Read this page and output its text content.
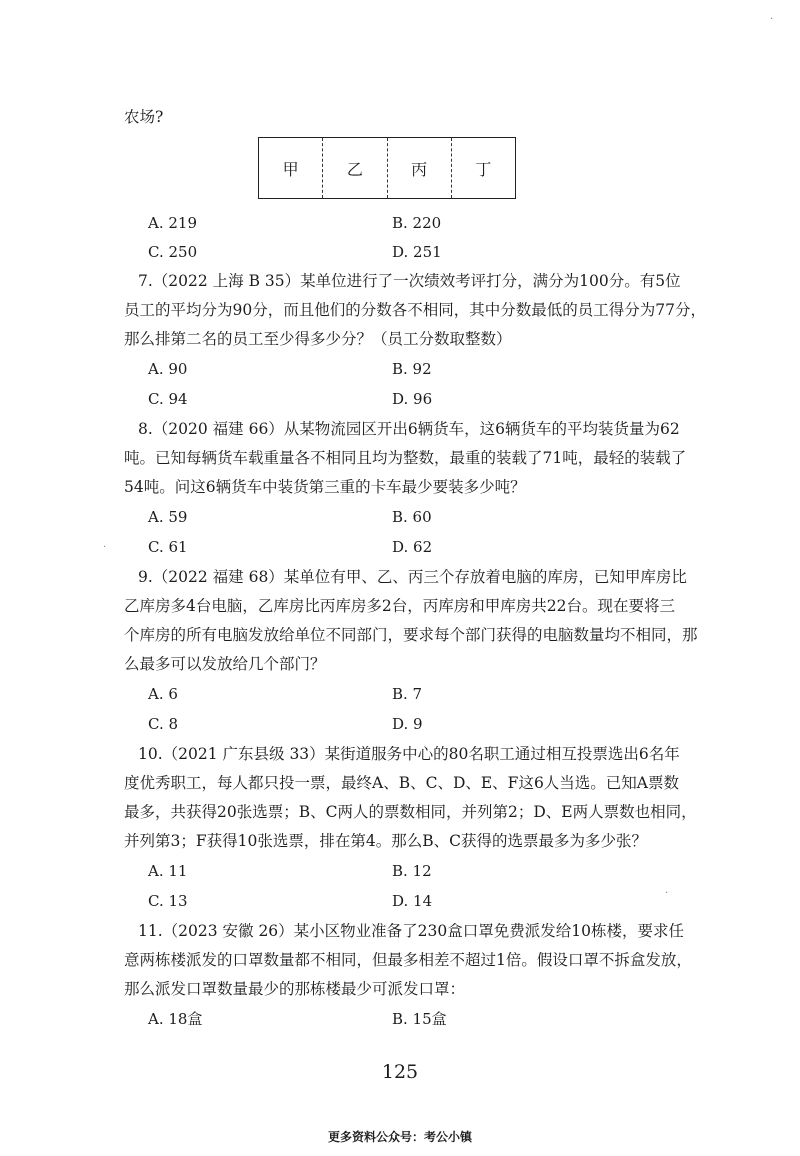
农场?
甲	乙	丙	丁
A. 219	B. 220
C. 250	D. 251
7.（2022 上海 B 35）某单位进行了一次绩效考评打分，满分为100分。有5位
员工的平均分为90分，而且他们的分数各不相同，其中分数最低的员工得分为77分，
那么排第二名的员工至少得多少分？（员工分数取整数）
A. 90	B. 92
C. 94	D. 96
8.（2020 福建 66）从某物流园区开出6辆货车，这6辆货车的平均装货量为62
吨。已知每辆货车载重量各不相同且均为整数，最重的装载了71吨，最轻的装载了
54吨。问这6辆货车中装货第三重的卡车最少要装多少吨？
A. 59	B. 60
C. 61	D. 62
9.（2022 福建 68）某单位有甲、乙、丙三个存放着电脑的库房，已知甲库房比
乙库房多4台电脑，乙库房比丙库房多2台，丙库房和甲库房共22台。现在要将三
个库房的所有电脑发放给单位不同部门，要求每个部门获得的电脑数量均不相同，那
么最多可以发放给几个部门？
A. 6	B. 7
C. 8	D. 9
10.（2021 广东县级 33）某街道服务中心的80名职工通过相互投票选出6名年
度优秀职工，每人都只投一票，最终A、B、C、D、E、F这6人当选。已知A票数
最多，共获得20张选票；B、C两人的票数相同，并列第2；D、E两人票数也相同，
并列第3；F获得10张选票，排在第4。那么B、C获得的选票最多为多少张？
A. 11	B. 12
C. 13	D. 14
11.（2023 安徽 26）某小区物业准备了230盒口罩免费派发给10栋楼，要求任
意两栋楼派发的口罩数量都不相同，但最多相差不超过1倍。假设口罩不拆盒发放，
那么派发口罩数量最少的那栋楼最少可派发口罩：
A. 18盒	B. 15盒
125
更多资料公众号：考公小镇
·
·
·
